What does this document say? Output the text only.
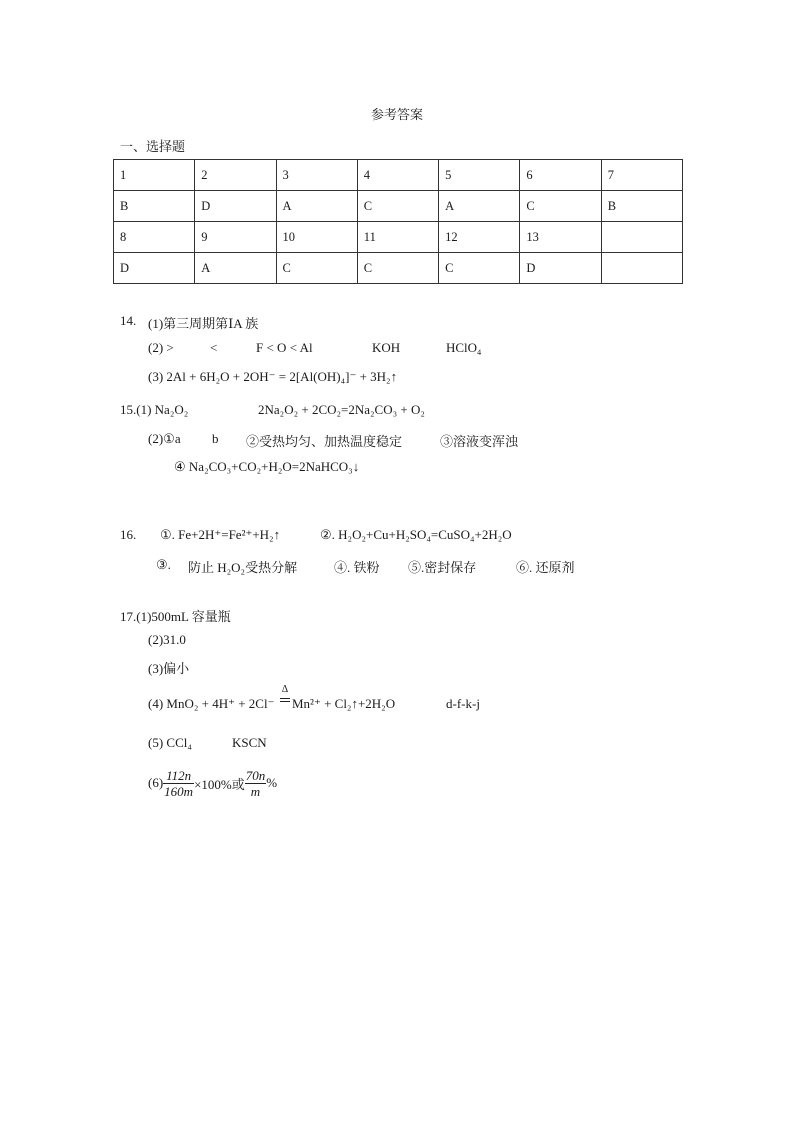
参考答案
一、选择题
1	2	3	4	5	6	7
B	D	A	C	A	C	B
8	9	10	11	12	13	
D	A	C	C	C	D	
14. (1)第三周期第ⅠA 族
(2) >	<	F < O < Al	KOH	HClO$_4$
(3) 2Al + 6H₂O + 2OH⁻ = 2[Al(OH)₄]⁻ + 3H₂↑
15.(1) Na₂O₂	2Na₂O₂ + 2CO₂=2Na₂CO₃ + O₂
(2)①a b ②受热均匀、加热温度稳定	③溶液变浑浊
④ Na₂CO₃+CO₂+H₂O=2NaHCO₃↓
16. ①. Fe+2H⁺=Fe²⁺+H₂↑	②. H₂O₂+Cu+H₂SO₄=CuSO₄+2H₂O
③. 防止 H₂O₂受热分解	④. 铁粉 ⑤.密封保存	⑥. 还原剂
17.(1)500mL 容量瓶
(2)31.0
(3)偏小
(4) MnO₂ + 4H⁺ + 2Cl⁻
Δ
Mn²⁺ + Cl₂↑+2H₂O	d-f-k-j
(5) CCl₄	KSCN
$(6) \frac{112n}{160m} \times 100\%$或 $\frac{70n}{m}$ %
